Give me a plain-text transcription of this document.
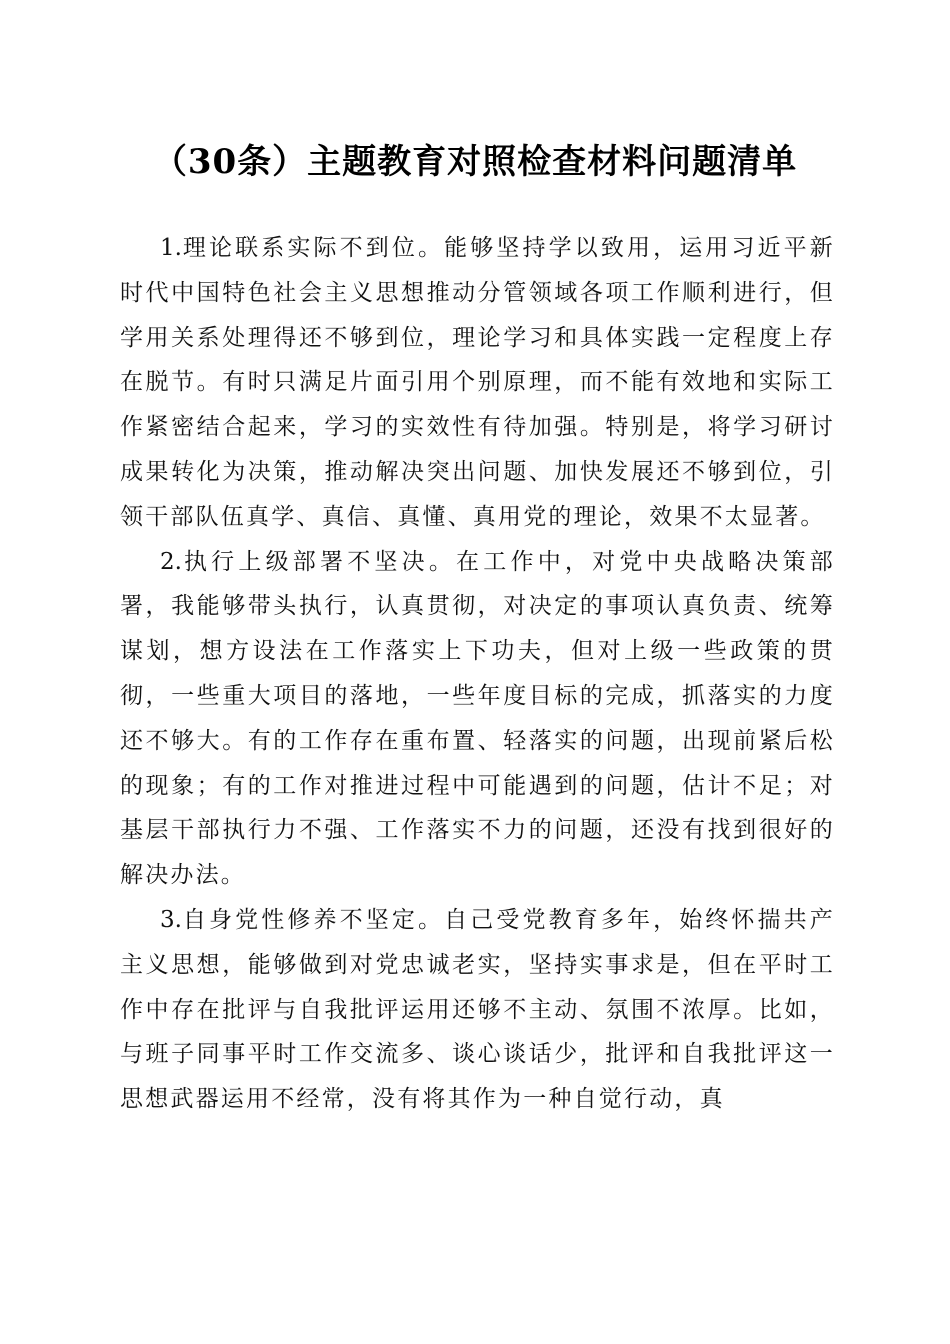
（30条）主题教育对照检查材料问题清单

1.理论联系实际不到位。能够坚持学以致用，运用习近平新时代中国特色社会主义思想推动分管领域各项工作顺利进行，但学用关系处理得还不够到位，理论学习和具体实践一定程度上存在脱节。有时只满足片面引用个别原理，而不能有效地和实际工作紧密结合起来，学习的实效性有待加强。特别是，将学习研讨成果转化为决策，推动解决突出问题、加快发展还不够到位，引领干部队伍真学、真信、真懂、真用党的理论，效果不太显著。

2.执行上级部署不坚决。在工作中，对党中央战略决策部署，我能够带头执行，认真贯彻，对决定的事项认真负责、统筹谋划，想方设法在工作落实上下功夫，但对上级一些政策的贯彻，一些重大项目的落地，一些年度目标的完成，抓落实的力度还不够大。有的工作存在重布置、轻落实的问题，出现前紧后松的现象；有的工作对推进过程中可能遇到的问题，估计不足；对基层干部执行力不强、工作落实不力的问题，还没有找到很好的解决办法。

3.自身党性修养不坚定。自己受党教育多年，始终怀揣共产主义思想，能够做到对党忠诚老实，坚持实事求是，但在平时工作中存在批评与自我批评运用还够不主动、氛围不浓厚。比如，与班子同事平时工作交流多、谈心谈话少，批评和自我批评这一思想武器运用不经常，没有将其作为一种自觉行动，真
